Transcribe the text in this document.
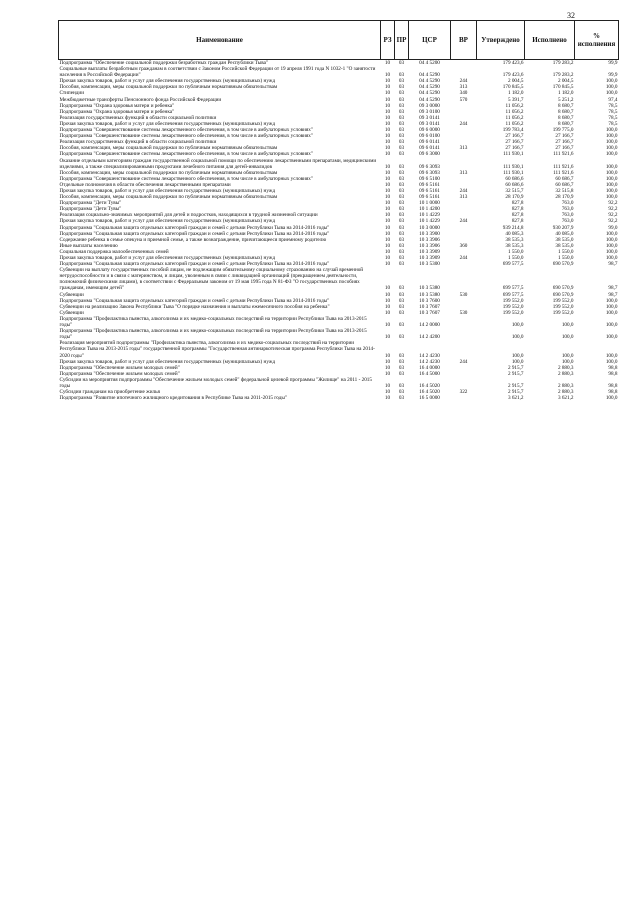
32
Наименование	РЗ	ПР	ЦСР	ВР	Утверждено	Исполнено	% исполнения
Подпрограмма "Обеспечение социальной поддержки безработных граждан Республики Тыва"	10	03	04 4 5200		179 423,6	179 283,2	99,9
Социальные выплаты безработным гражданам в соответствии с Законом Российской Федерации от 19 апреля 1991 года N 1032-1 "О занятости населения в Российской Федерации"	10	03	04 4 5290		179 423,6	179 283,2	99,9
Прочая закупка товаров, работ и услуг для обеспечения государственных (муниципальных) нужд	10	03	04 4 5290	244	2 004,5	2 004,5	100,0
Пособия, компенсации, меры социальной поддержки по публичным нормативным обязательствам	10	03	04 4 5290	313	170 845,5	170 845,5	100,0
Стипендии	10	03	04 4 5290	340	1 182,0	1 182,0	100,0
Межбюджетные трансферты Пенсионного фонда Российской Федерации	10	03	04 4 5290	570	5 391,7	5 251,2	97,4
Подпрограмма "Охрана здоровья матери и ребенка"	10	03	09 3 0000		11 056,2	8 680,7	78,5
Подпрограмма "Охрана здоровья матери и ребенка"	10	03	09 3 0100		11 056,2	8 680,7	78,5
Реализация государственных функций в области социальной политики	10	03	09 3 0141		11 056,2	8 680,7	78,5
Прочая закупка товаров, работ и услуг для обеспечения государственных (муниципальных) нужд	10	03	09 3 0141	244	11 056,2	8 680,7	78,5
Подпрограмма "Совершенствование системы лекарственного обеспечения, в том числе в амбулаторных условиях"	10	03	09 6 0000		199 783,4	199 775,0	100,0
Подпрограмма "Совершенствование системы лекарственного обеспечения, в том числе в амбулаторных условиях"	10	03	09 6 0100		27 166,7	27 166,7	100,0
Реализация государственных функций в области социальной политики	10	03	09 6 0141		27 166,7	27 166,7	100,0
Пособия, компенсации, меры социальной поддержки по публичным нормативным обязательствам	10	03	09 6 0141	313	27 166,7	27 166,7	100,0
Подпрограмма "Совершенствование системы лекарственного обеспечения, в том числе в амбулаторных условиях"	10	03	09 6 3000		111 930,1	111 921,6	100,0
Оказание отдельным категориям граждан государственной социальной помощи по обеспечению лекарственными препаратами, медицинскими изделиями, а также специализированными продуктами лечебного питания для детей-инвалидов	10	03	09 6 3093		111 930,1	111 921,6	100,0
Пособия, компенсации, меры социальной поддержки по публичным нормативным обязательствам	10	03	09 6 3093	313	111 930,1	111 921,6	100,0
Подпрограмма "Совершенствование системы лекарственного обеспечения, в том числе в амбулаторных условиях"	10	03	09 6 5100		60 686,6	60 686,7	100,0
Отдельные полномочия в области обеспечения лекарственными препаратами	10	03	09 6 5161		60 686,6	60 686,7	100,0
Прочая закупка товаров, работ и услуг для обеспечения государственных (муниципальных) нужд	10	03	09 6 5161	244	32 515,7	32 515,8	100,0
Пособия, компенсации, меры социальной поддержки по публичным нормативным обязательствам	10	03	09 6 5161	313	28 170,9	28 170,9	100,0
Подпрограмма "Дети Тувы"	10	03	10 1 0000		827,8	763,0	92,2
Подпрограмма "Дети Тувы"	10	03	10 1 4200		827,8	763,0	92,2
Реализация социально-значимых мероприятий для детей и подростков, находящихся в трудной жизненной ситуации	10	03	10 1 4229		827,8	763,0	92,2
Прочая закупка товаров, работ и услуг для обеспечения государственных (муниципальных) нужд	10	03	10 1 4229	244	827,8	763,0	92,2
Подпрограмма "Социальная защита отдельных категорий граждан и семей с детьми Республики Тыва на 2014-2016 годы"	10	03	10 3 0000		939 214,8	930 207,9	99,0
Подпрограмма "Социальная защита отдельных категорий граждан и семей с детьми Республики Тыва на 2014-2016 годы"	10	03	10 3 3900		40 085,3	40 085,0	100,0
Содержание ребенка в семье опекуна и приемной семье, а также вознаграждение, причитающееся приемному родителю	10	03	10 3 3906		38 535,3	38 535,0	100,0
Иные выплаты населению	10	03	10 3 3906	360	38 535,3	38 535,0	100,0
Социальная поддержка малообеспеченных семей	10	03	10 3 3909		1 550,0	1 550,0	100,0
Прочая закупка товаров, работ и услуг для обеспечения государственных (муниципальных) нужд	10	03	10 3 3909	244	1 550,0	1 550,0	100,0
Подпрограмма "Социальная защита отдельных категорий граждан и семей с детьми Республики Тыва на 2014-2016 годы"	10	03	10 3 5300		699 577,5	690 570,9	98,7
Субвенции на выплату государственных пособий лицам, не подлежащим обязательному социальному страхованию на случай временной нетрудоспособности и в связи с материнством, и лицам, уволенным в связи с ликвидацией организаций (прекращением деятельности, полномочий физическими лицами), в соответствии с Федеральным законом от 19 мая 1995 года N 81-ФЗ "О государственных пособиях гражданам, имеющим детей"	10	03	10 3 5380		699 577,5	690 570,9	98,7
Субвенции	10	03	10 3 5380	530	699 577,5	690 570,9	98,7
Подпрограмма "Социальная защита отдельных категорий граждан и семей с детьми Республики Тыва на 2014-2016 годы"	10	03	10 3 7600		199 552,0	199 552,0	100,0
Субвенции на реализацию Закона Республики Тыва "О порядке назначения и выплаты ежемесячного пособия на ребенка"	10	03	10 3 7607		199 552,0	199 552,0	100,0
Субвенции	10	03	10 3 7607	530	199 552,0	199 552,0	100,0
Подпрограмма "Профилактика пьянства, алкоголизма и их медико-социальных последствий на территории Республики Тыва на 2013-2015 годы"	10	03	14 2 0000		100,0	100,0	100,0
Подпрограмма "Профилактика пьянства, алкоголизма и их медико-социальных последствий на территории Республики Тыва на 2013-2015 годы"	10	03	14 2 4200		100,0	100,0	100,0
Реализация мероприятий подпрограммы "Профилактика пьянства, алкоголизма и их медико-социальных последствий на территории Республики Тыва на 2013-2015 годы" государственной программы "Государственная антинаркотическая программа Республики Тыва на 2014-2020 годы"	10	03	14 2 4230		100,0	100,0	100,0
Прочая закупка товаров, работ и услуг для обеспечения государственных (муниципальных) нужд	10	03	14 2 4230	244	100,0	100,0	100,0
Подпрограмма "Обеспечение жильем молодых семей"	10	03	16 4 0000		2 915,7	2 880,3	98,8
Подпрограмма "Обеспечение жильем молодых семей"	10	03	16 4 5000		2 915,7	2 880,3	98,8
Субсидии на мероприятия подпрограммы "Обеспечение жильем молодых семей" федеральной целевой программы "Жилище" на 2011 - 2015 годы	10	03	16 4 5020		2 915,7	2 880,3	98,8
Субсидии гражданам на приобретение жилья	10	03	16 4 5020	322	2 915,7	2 880,3	98,8
Подпрограмма "Развитие ипотечного жилищного кредитования в Республике Тыва на 2011-2015 годы"	10	03	16 5 0000		3 621,2	3 621,2	100,0
